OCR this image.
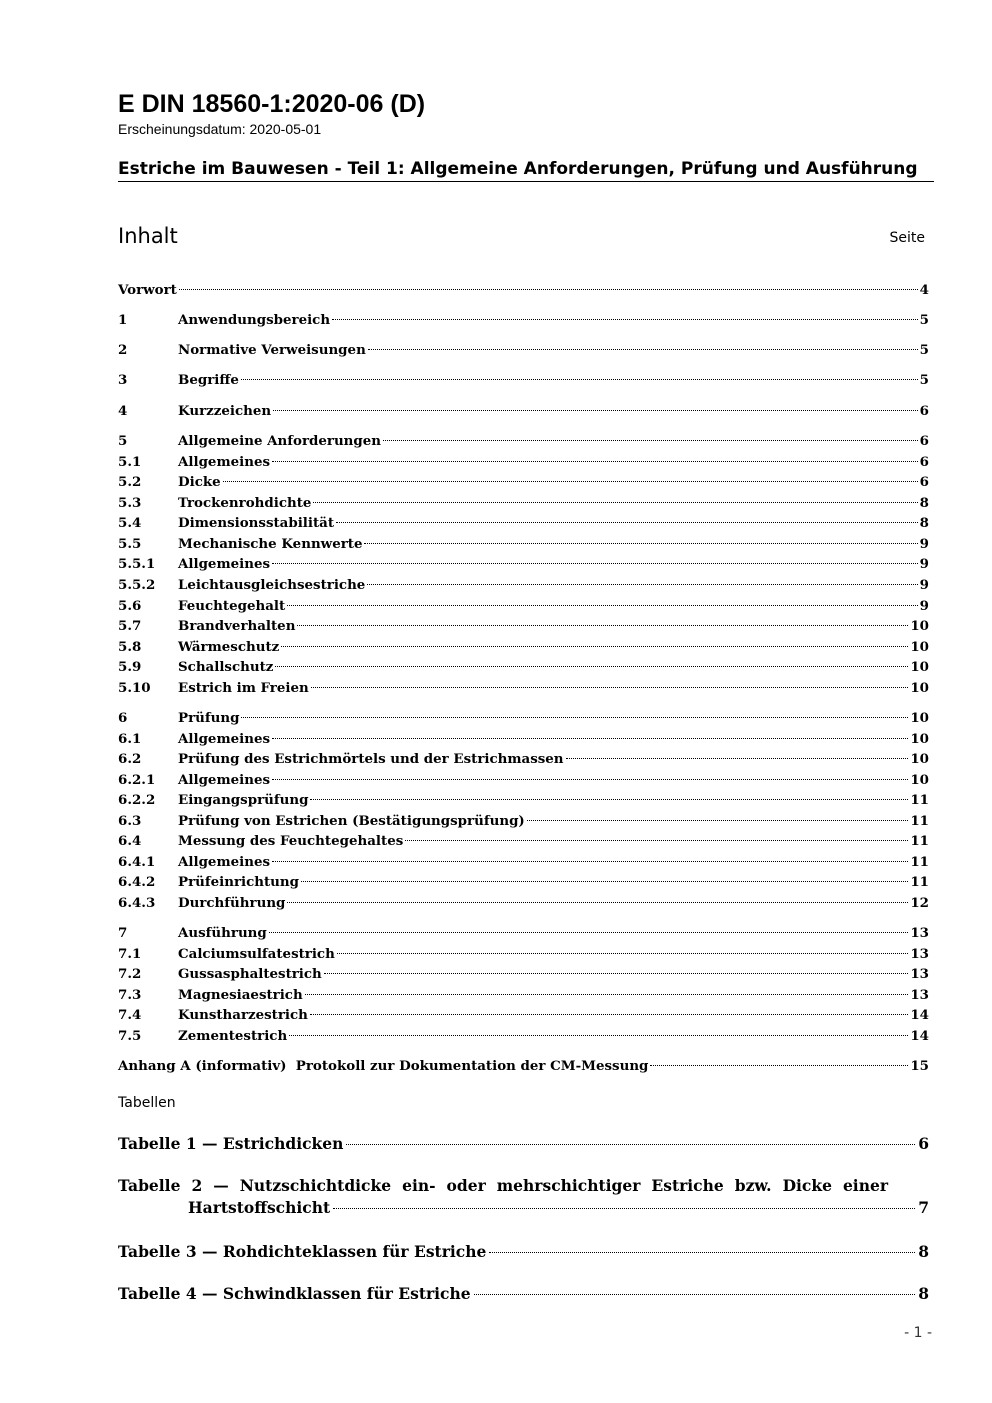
E DIN 18560-1:2020-06 (D)
Erscheinungsdatum: 2020-05-01
Estriche im Bauwesen - Teil 1: Allgemeine Anforderungen, Prüfung und Ausführung
Inhalt	Seite
Vorwort	4
1	Anwendungsbereich	5
2	Normative Verweisungen	5
3	Begriffe	5
4	Kurzzeichen	6
5	Allgemeine Anforderungen	6
5.1	Allgemeines	6
5.2	Dicke	6
5.3	Trockenrohdichte	8
5.4	Dimensionsstabilität	8
5.5	Mechanische Kennwerte	9
5.5.1	Allgemeines	9
5.5.2	Leichtausgleichsestriche	9
5.6	Feuchtegehalt	9
5.7	Brandverhalten	10
5.8	Wärmeschutz	10
5.9	Schallschutz	10
5.10	Estrich im Freien	10
6	Prüfung	10
6.1	Allgemeines	10
6.2	Prüfung des Estrichmörtels und der Estrichmassen	10
6.2.1	Allgemeines	10
6.2.2	Eingangsprüfung	11
6.3	Prüfung von Estrichen (Bestätigungsprüfung)	11
6.4	Messung des Feuchtegehaltes	11
6.4.1	Allgemeines	11
6.4.2	Prüfeinrichtung	11
6.4.3	Durchführung	12
7	Ausführung	13
7.1	Calciumsulfatestrich	13
7.2	Gussasphaltestrich	13
7.3	Magnesiaestrich	13
7.4	Kunstharzestrich	14
7.5	Zementestrich	14
Anhang A (informativ)  Protokoll zur Dokumentation der CM-Messung	15
Tabellen
Tabelle 1 — Estrichdicken	6
Tabelle 2 — Nutzschichtdicke ein- oder mehrschichtiger Estriche bzw. Dicke einer
Hartstoffschicht	7
Tabelle 3 — Rohdichteklassen für Estriche	8
Tabelle 4 — Schwindklassen für Estriche	8
- 1 -
